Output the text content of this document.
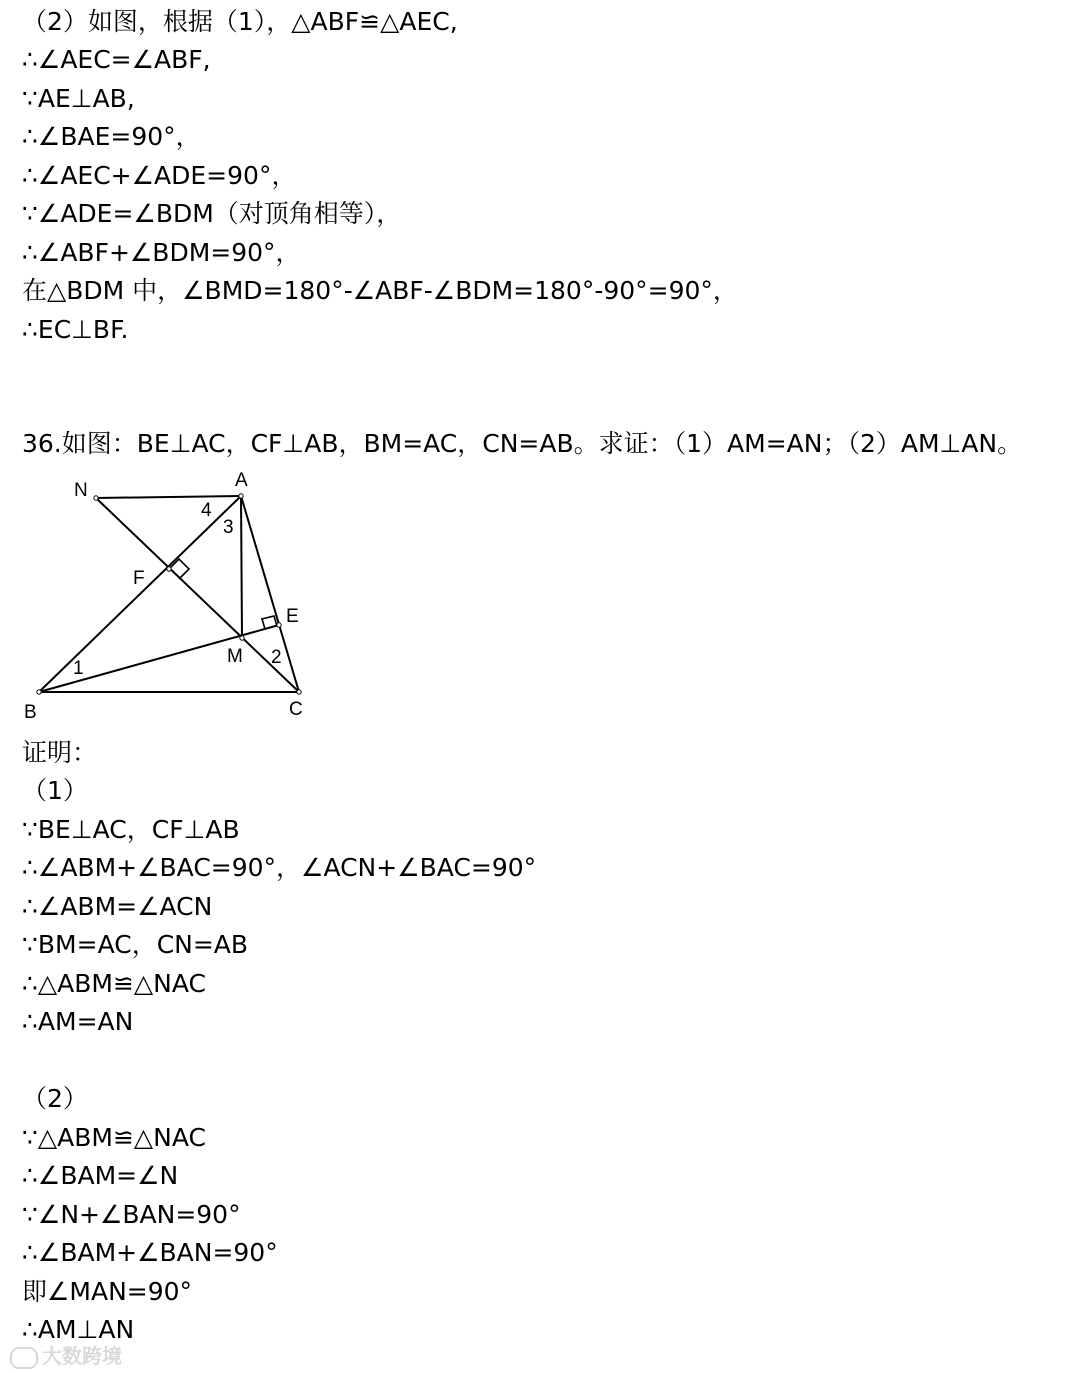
（2）如图，根据（1），△ABF≌△AEC,
∴∠AEC=∠ABF,
∵AE⊥AB,
∴∠BAE=90°，
∴∠AEC+∠ADE=90°，
∵∠ADE=∠BDM（对顶角相等），
∴∠ABF+∠BDM=90°，
在△BDM 中，∠BMD=180°-∠ABF-∠BDM=180°-90°=90°，
∴EC⊥BF.
36.如图：BE⊥AC，CF⊥AB，BM=AC，CN=AB。求证：（1）AM=AN；（2）AM⊥AN。
N	A
F
E
M
B	C
1
2
3
4
证明：
（1）
∵BE⊥AC，CF⊥AB
∴∠ABM+∠BAC=90°，∠ACN+∠BAC=90°
∴∠ABM=∠ACN
∵BM=AC，CN=AB
∴△ABM≌△NAC
∴AM=AN
（2）
∵△ABM≌△NAC
∴∠BAM=∠N
∵∠N+∠BAN=90°
∴∠BAM+∠BAN=90°
即∠MAN=90°
∴AM⊥AN
大数跨境
